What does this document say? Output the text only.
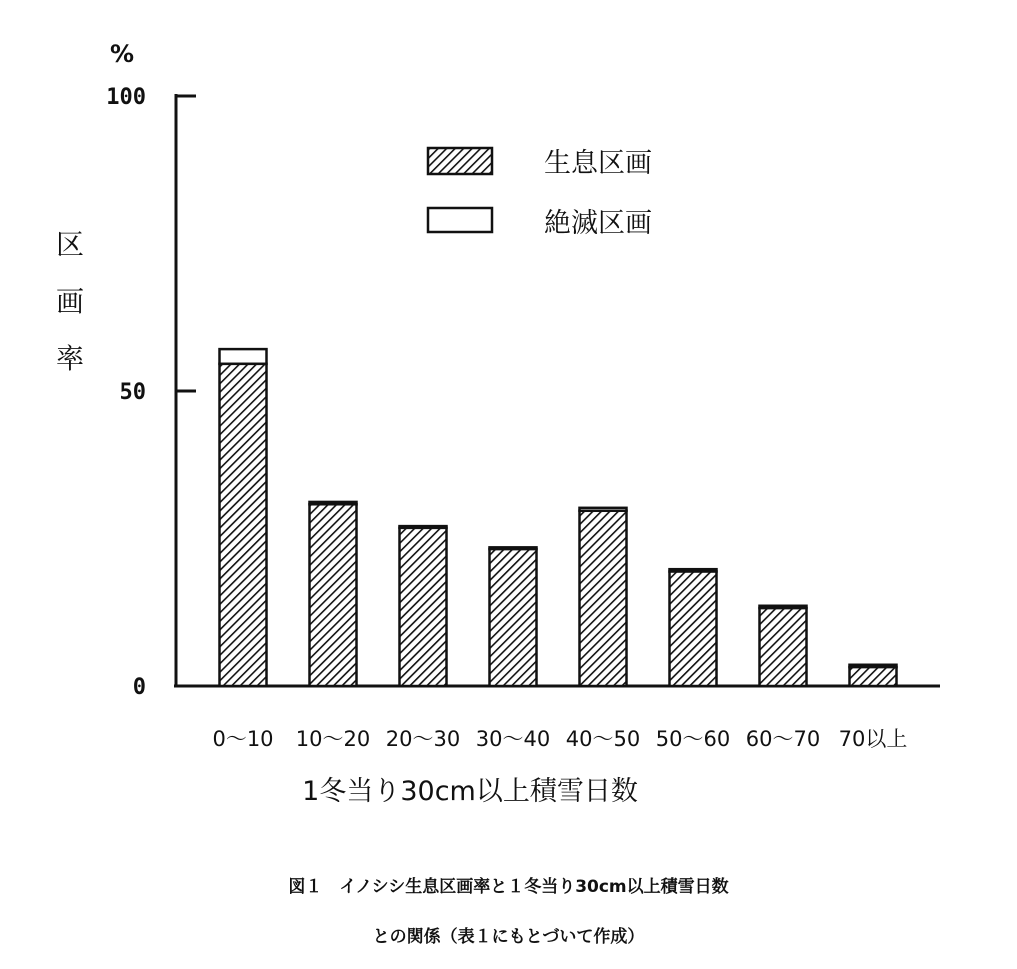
0
50
100
%
区
画
率
0～10 10～20 20～30 30～40 40～50 50～60 60～70 70以上
1冬当り30cm以上積雪日数
生息区画
絶滅区画
図１　イノシシ生息区画率と１冬当り30cm以上積雪日数
との関係（表１にもとづいて作成）
